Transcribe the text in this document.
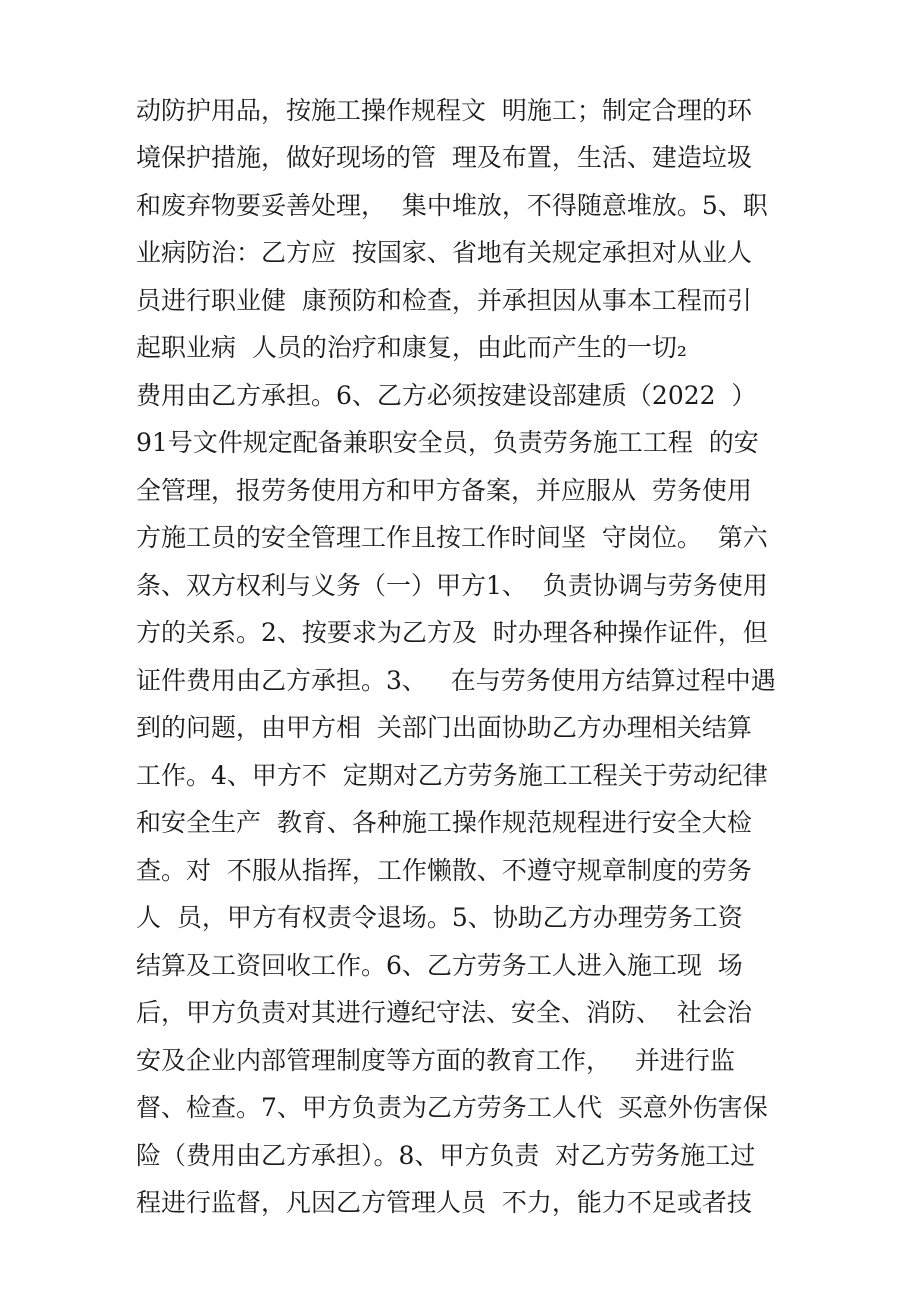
动防护用品，按施工操作规程文  明施工；制定合理的环
境保护措施，做好现场的管  理及布置，生活、建造垃圾
和废弃物要妥善处理，  集中堆放，不得随意堆放。5、职
业病防治：乙方应  按国家、省地有关规定承担对从业人
员进行职业健  康预防和检查，并承担因从事本工程而引
起职业病  人员的治疗和康复，由此而产生的一切₂
费用由乙方承担。6、乙方必须按建设部建质（2022  ）
91号文件规定配备兼职安全员，负责劳务施工工程  的安
全管理，报劳务使用方和甲方备案，并应服从  劳务使用
方施工员的安全管理工作且按工作时间坚  守岗位。  第六
条、双方权利与义务（一）甲方1、  负责协调与劳务使用
方的关系。2、按要求为乙方及  时办理各种操作证件，但
证件费用由乙方承担。3、   在与劳务使用方结算过程中遇
到的问题，由甲方相  关部门出面协助乙方办理相关结算
工作。4、甲方不  定期对乙方劳务施工工程关于劳动纪律
和安全生产  教育、各种施工操作规范规程进行安全大检
查。对  不服从指挥，工作懒散、不遵守规章制度的劳务
人  员，甲方有权责令退场。5、协助乙方办理劳务工资
结算及工资回收工作。6、乙方劳务工人进入施工现  场
后，甲方负责对其进行遵纪守法、安全、消防、  社会治
安及企业内部管理制度等方面的教育工作，   并进行监
督、检查。7、甲方负责为乙方劳务工人代  买意外伤害保
险（费用由乙方承担）。8、甲方负责  对乙方劳务施工过
程进行监督，凡因乙方管理人员  不力，能力不足或者技
